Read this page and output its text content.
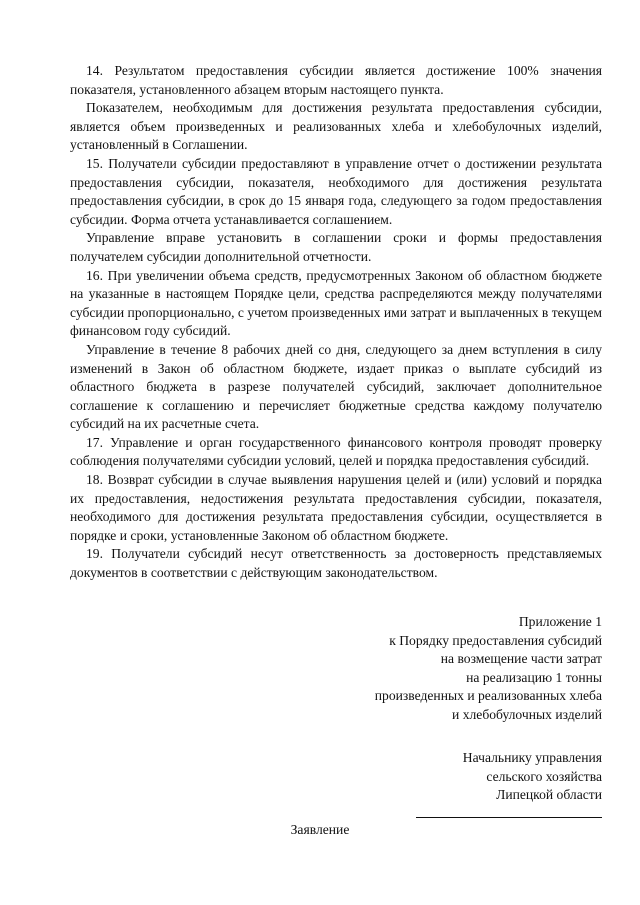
14. Результатом предоставления субсидии является достижение 100% значения показателя, установленного абзацем вторым настоящего пункта.

Показателем, необходимым для достижения результата предоставления субсидии, является объем произведенных и реализованных хлеба и хлебобулочных изделий, установленный в Соглашении.

15. Получатели субсидии предоставляют в управление отчет о достижении результата предоставления субсидии, показателя, необходимого для достижения результата предоставления субсидии, в срок до 15 января года, следующего за годом предоставления субсидии. Форма отчета устанавливается соглашением.

Управление вправе установить в соглашении сроки и формы предоставления получателем субсидии дополнительной отчетности.

16. При увеличении объема средств, предусмотренных Законом об областном бюджете на указанные в настоящем Порядке цели, средства распределяются между получателями субсидии пропорционально, с учетом произведенных ими затрат и выплаченных в текущем финансовом году субсидий.

Управление в течение 8 рабочих дней со дня, следующего за днем вступления в силу изменений в Закон об областном бюджете, издает приказ о выплате субсидий из областного бюджета в разрезе получателей субсидий, заключает дополнительное соглашение к соглашению и перечисляет бюджетные средства каждому получателю субсидий на их расчетные счета.

17. Управление и орган государственного финансового контроля проводят проверку соблюдения получателями субсидии условий, целей и порядка предоставления субсидий.

18. Возврат субсидии в случае выявления нарушения целей и (или) условий и порядка их предоставления, недостижения результата предоставления субсидии, показателя, необходимого для достижения результата предоставления субсидии, осуществляется в порядке и сроки, установленные Законом об областном бюджете.

19. Получатели субсидий несут ответственность за достоверность представляемых документов в соответствии с действующим законодательством.

Приложение 1
к Порядку предоставления субсидий
на возмещение части затрат
на реализацию 1 тонны
произведенных и реализованных хлеба
и хлебобулочных изделий
Начальнику управления
сельского хозяйства
Липецкой области
Заявление
